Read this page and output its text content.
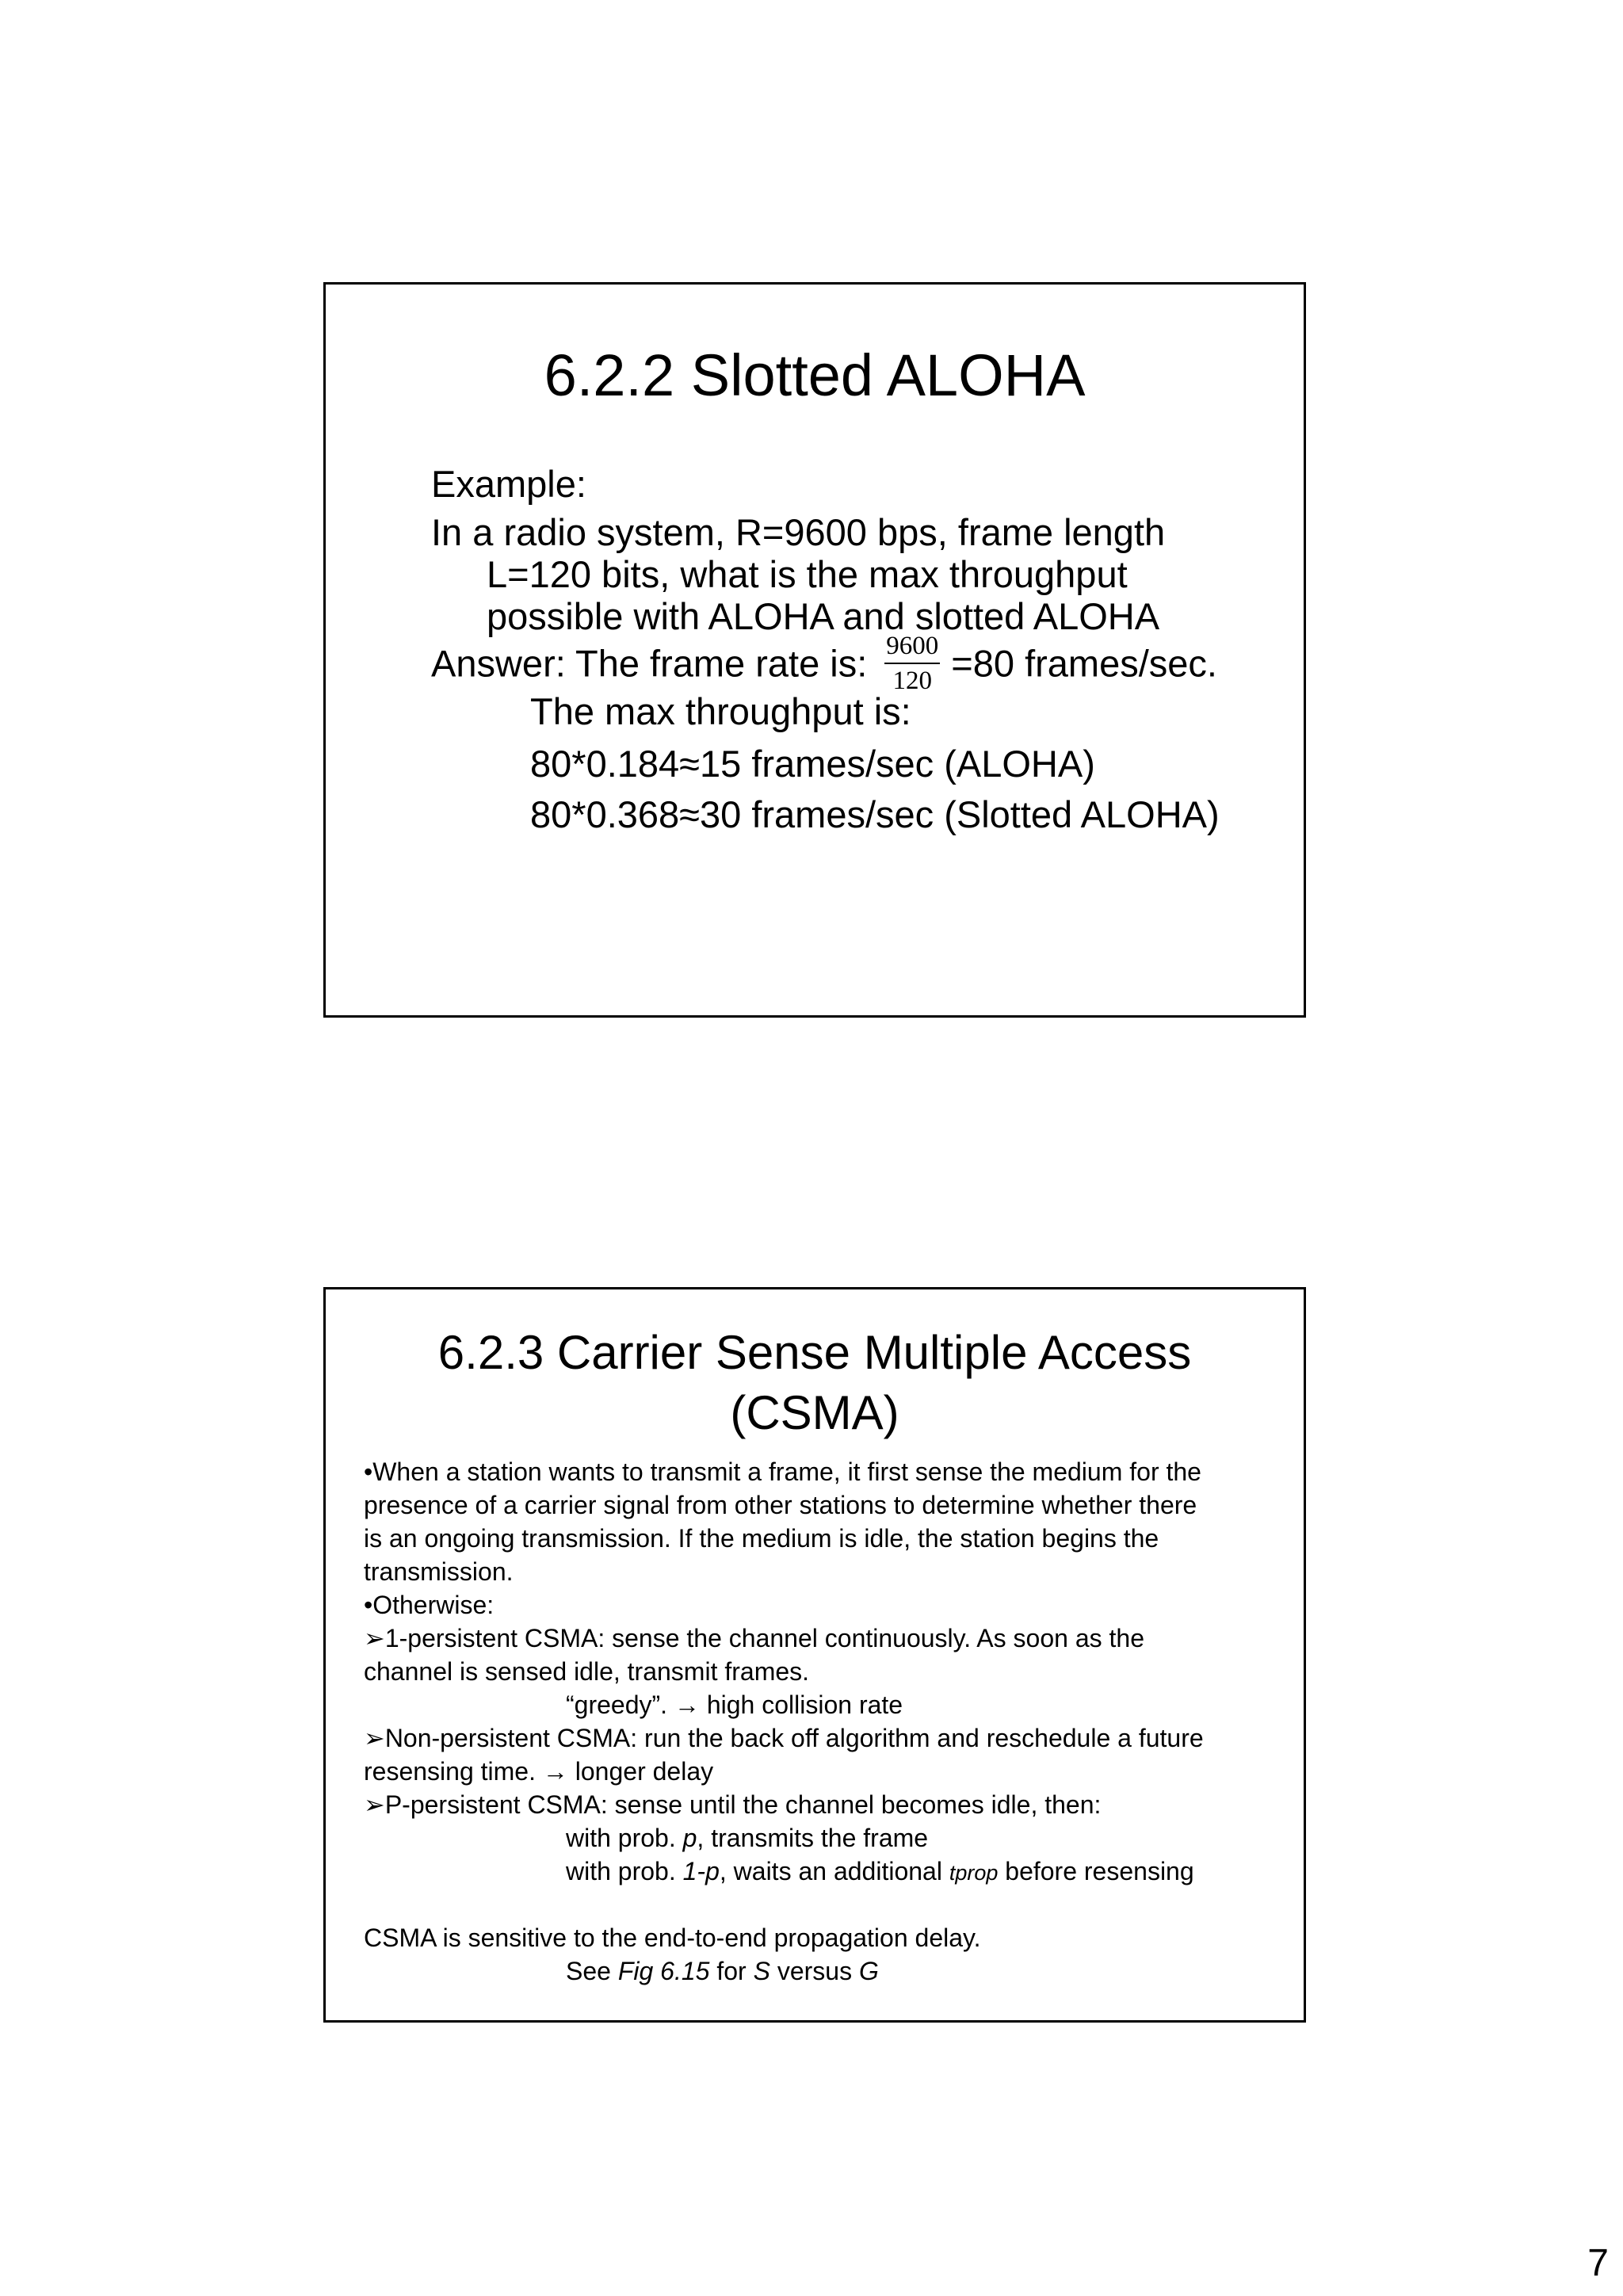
6.2.2 Slotted ALOHA
Example:
In a radio system, R=9600 bps, frame length
L=120 bits, what is the max throughput
possible with ALOHA and slotted ALOHA
Answer: The frame rate is: $\frac{9600}{120} =80$ frames/sec.
The max throughput is:
80*0.184≈15 frames/sec (ALOHA)
80*0.368≈30 frames/sec (Slotted ALOHA)
6.2.3 Carrier Sense Multiple Access
(CSMA)
•When a station wants to transmit a frame, it first sense the medium for the
presence of a carrier signal from other stations to determine whether there
is an ongoing transmission. If the medium is idle, the station begins the
transmission.
•Otherwise:
➢1-persistent CSMA: sense the channel continuously. As soon as the
channel is sensed idle, transmit frames.
“greedy”. → high collision rate
➢Non-persistent CSMA: run the back off algorithm and reschedule a future
resensing time. → longer delay
➢P-persistent CSMA: sense until the channel becomes idle, then:
with prob. p, transmits the frame
with prob. 1-p, waits an additional tprop before resensing
CSMA is sensitive to the end-to-end propagation delay.
See Fig 6.15 for S versus G
7
